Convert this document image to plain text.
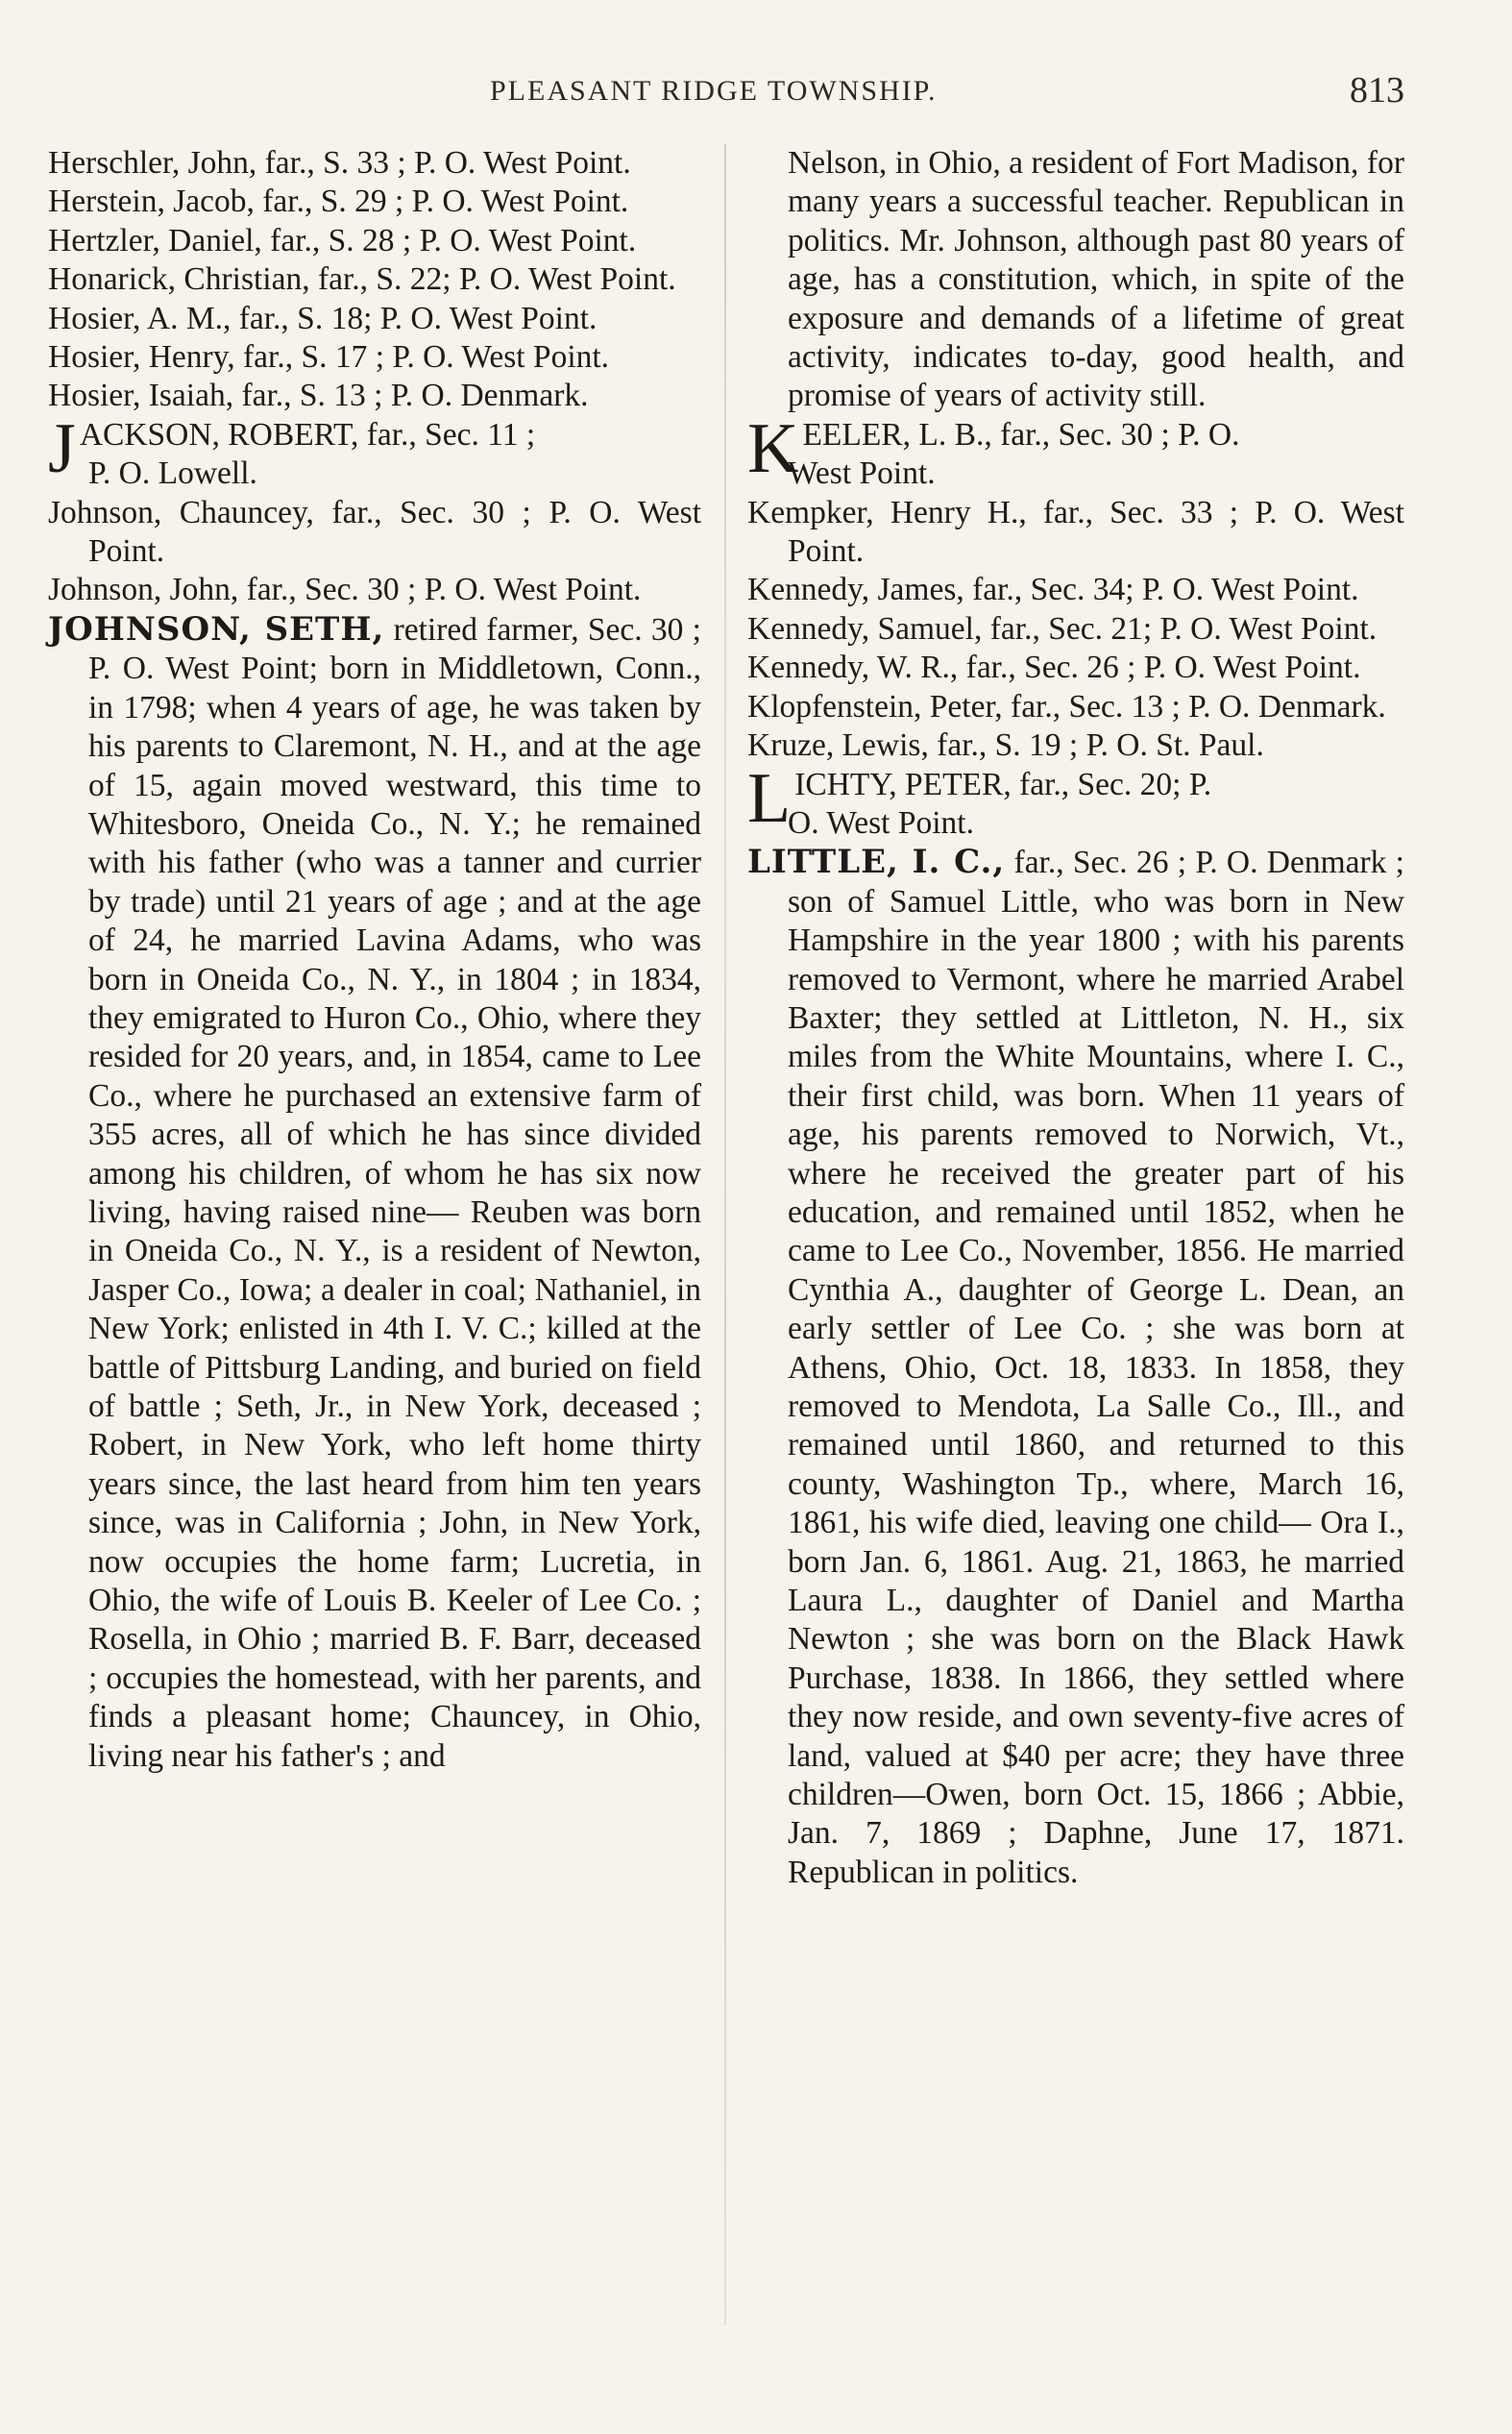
PLEASANT RIDGE TOWNSHIP.	813

Herschler, John, far., S. 33 ; P. O. West Point.

Herstein, Jacob, far., S. 29 ; P. O. West Point.

Hertzler, Daniel, far., S. 28 ; P. O. West Point.

Honarick, Christian, far., S. 22; P. O. West Point.

Hosier, A. M., far., S. 18; P. O. West Point.

Hosier, Henry, far., S. 17 ; P. O. West Point.

Hosier, Isaiah, far., S. 13 ; P. O. Denmark.

J ACKSON, ROBERT, far., Sec. 11 ;
P. O. Lowell.

Johnson, Chauncey, far., Sec. 30 ; P. O. West Point.

Johnson, John, far., Sec. 30 ; P. O. West Point.

JOHNSON, SETH, retired farmer, Sec. 30 ; P. O. West Point; born in Middletown, Conn., in 1798; when 4 years of age, he was taken by his parents to Claremont, N. H., and at the age of 15, again moved westward, this time to Whitesboro, Oneida Co., N. Y.; he remained with his father (who was a tanner and currier by trade) until 21 years of age ; and at the age of 24, he married Lavina Adams, who was born in Oneida Co., N. Y., in 1804 ; in 1834, they emigrated to Huron Co., Ohio, where they resided for 20 years, and, in 1854, came to Lee Co., where he purchased an extensive farm of 355 acres, all of which he has since divided among his children, of whom he has six now living, having raised nine— Reuben was born in Oneida Co., N. Y., is a resident of Newton, Jasper Co., Iowa; a dealer in coal; Nathaniel, in New York; enlisted in 4th I. V. C.; killed at the battle of Pittsburg Landing, and buried on field of battle ; Seth, Jr., in New York, deceased ; Robert, in New York, who left home thirty years since, the last heard from him ten years since, was in California ; John, in New York, now occupies the home farm; Lucretia, in Ohio, the wife of Louis B. Keeler of Lee Co. ; Rosella, in Ohio ; married B. F. Barr, deceased ; occupies the homestead, with her parents, and finds a pleasant home; Chauncey, in Ohio, living near his father's ; and

Nelson, in Ohio, a resident of Fort Madison, for many years a successful teacher. Republican in politics. Mr. Johnson, although past 80 years of age, has a constitution, which, in spite of the exposure and demands of a lifetime of great activity, indicates to-day, good health, and promise of years of activity still.

K EELER, L. B., far., Sec. 30 ; P. O.
West Point.

Kempker, Henry H., far., Sec. 33 ; P. O. West Point.

Kennedy, James, far., Sec. 34; P. O. West Point.

Kennedy, Samuel, far., Sec. 21; P. O. West Point.

Kennedy, W. R., far., Sec. 26 ; P. O. West Point.

Klopfenstein, Peter, far., Sec. 13 ; P. O. Denmark.

Kruze, Lewis, far., S. 19 ; P. O. St. Paul.

L ICHTY, PETER, far., Sec. 20; P.
O. West Point.

LITTLE, I. C., far., Sec. 26 ; P. O. Denmark ; son of Samuel Little, who was born in New Hampshire in the year 1800 ; with his parents removed to Vermont, where he married Arabel Baxter; they settled at Littleton, N. H., six miles from the White Mountains, where I. C., their first child, was born. When 11 years of age, his parents removed to Norwich, Vt., where he received the greater part of his education, and remained until 1852, when he came to Lee Co., November, 1856. He married Cynthia A., daughter of George L. Dean, an early settler of Lee Co. ; she was born at Athens, Ohio, Oct. 18, 1833. In 1858, they removed to Mendota, La Salle Co., Ill., and remained until 1860, and returned to this county, Washington Tp., where, March 16, 1861, his wife died, leaving one child— Ora I., born Jan. 6, 1861. Aug. 21, 1863, he married Laura L., daughter of Daniel and Martha Newton ; she was born on the Black Hawk Purchase, 1838. In 1866, they settled where they now reside, and own seventy-five acres of land, valued at $40 per acre; they have three children—Owen, born Oct. 15, 1866 ; Abbie, Jan. 7, 1869 ; Daphne, June 17, 1871. Republican in politics.
